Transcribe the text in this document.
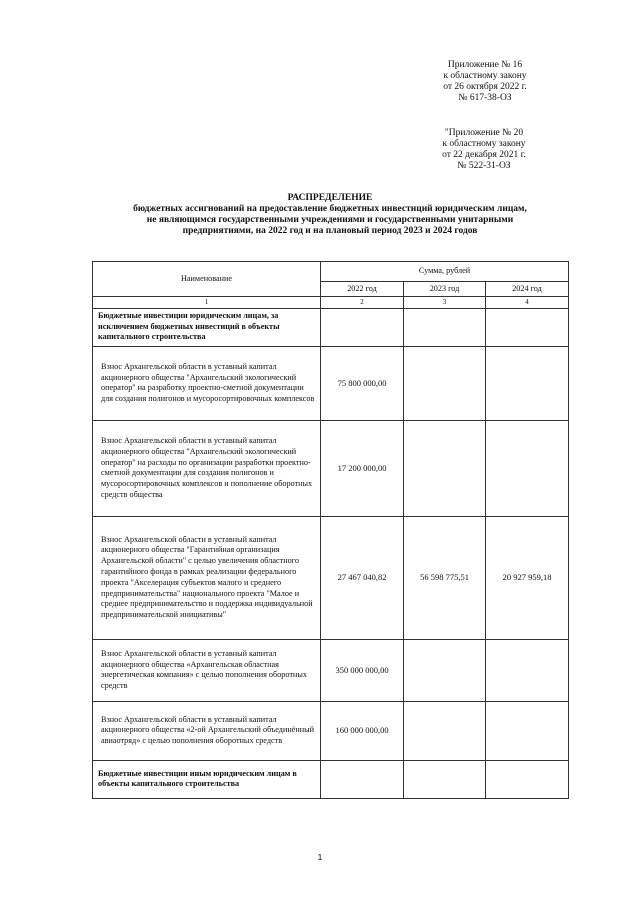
Приложение № 16
к областному закону
от 26 октября 2022 г.
№ 617-38-ОЗ
"Приложение № 20
к областному закону
от 22 декабря 2021 г.
№ 522-31-ОЗ
РАСПРЕДЕЛЕНИЕ
бюджетных ассигнований на предоставление бюджетных инвестиций юридическим лицам,
не являющимся государственными учреждениями и государственными унитарными
предприятиями, на 2022 год и на плановый период 2023 и 2024 годов
Наименование	Сумма, рублей		
	2022 год	2023 год	2024 год
1	2	3	4
Бюджетные инвестиции юридическим лицам, за исключением бюджетных инвестиций в объекты капитального строительства			
Взнос Архангельской области в уставный капитал акционерного общества "Архангельский экологический оператор" на разработку проектно-сметной документации для создания полигонов и мусоросортировочных комплексов	75 800 000,00		
Взнос Архангельской области в уставный капитал акционерного общества "Архангельский экологический оператор" на расходы по организации разработки проектно-сметной документации для создания полигонов и мусоросортировочных комплексов и пополнение оборотных средств общества	17 200 000,00		
Взнос Архангельской области в уставный капитал акционерного общества "Гарантийная организация Архангельской области" с целью увеличения областного гарантийного фонда в рамках реализации федерального проекта "Акселерация субъектов малого и среднего предпринимательства" национального проекта "Малое и среднее предпринимательство и поддержка индивидуальной предпринимательской инициативы"	27 467 040,82	56 598 775,51	20 927 959,18
Взнос Архангельской области в уставный капитал акционерного общества «Архангельская областная энергетическая компания» с целью пополнения оборотных средств	350 000 000,00		
Взнос Архангельской области в уставный капитал акционерного общества «2-ой Архангельский объединённый авиаотряд» с целью пополнения оборотных средств	160 000 000,00		
Бюджетные инвестиции иным юридическим лицам в объекты капитального строительства			
1
